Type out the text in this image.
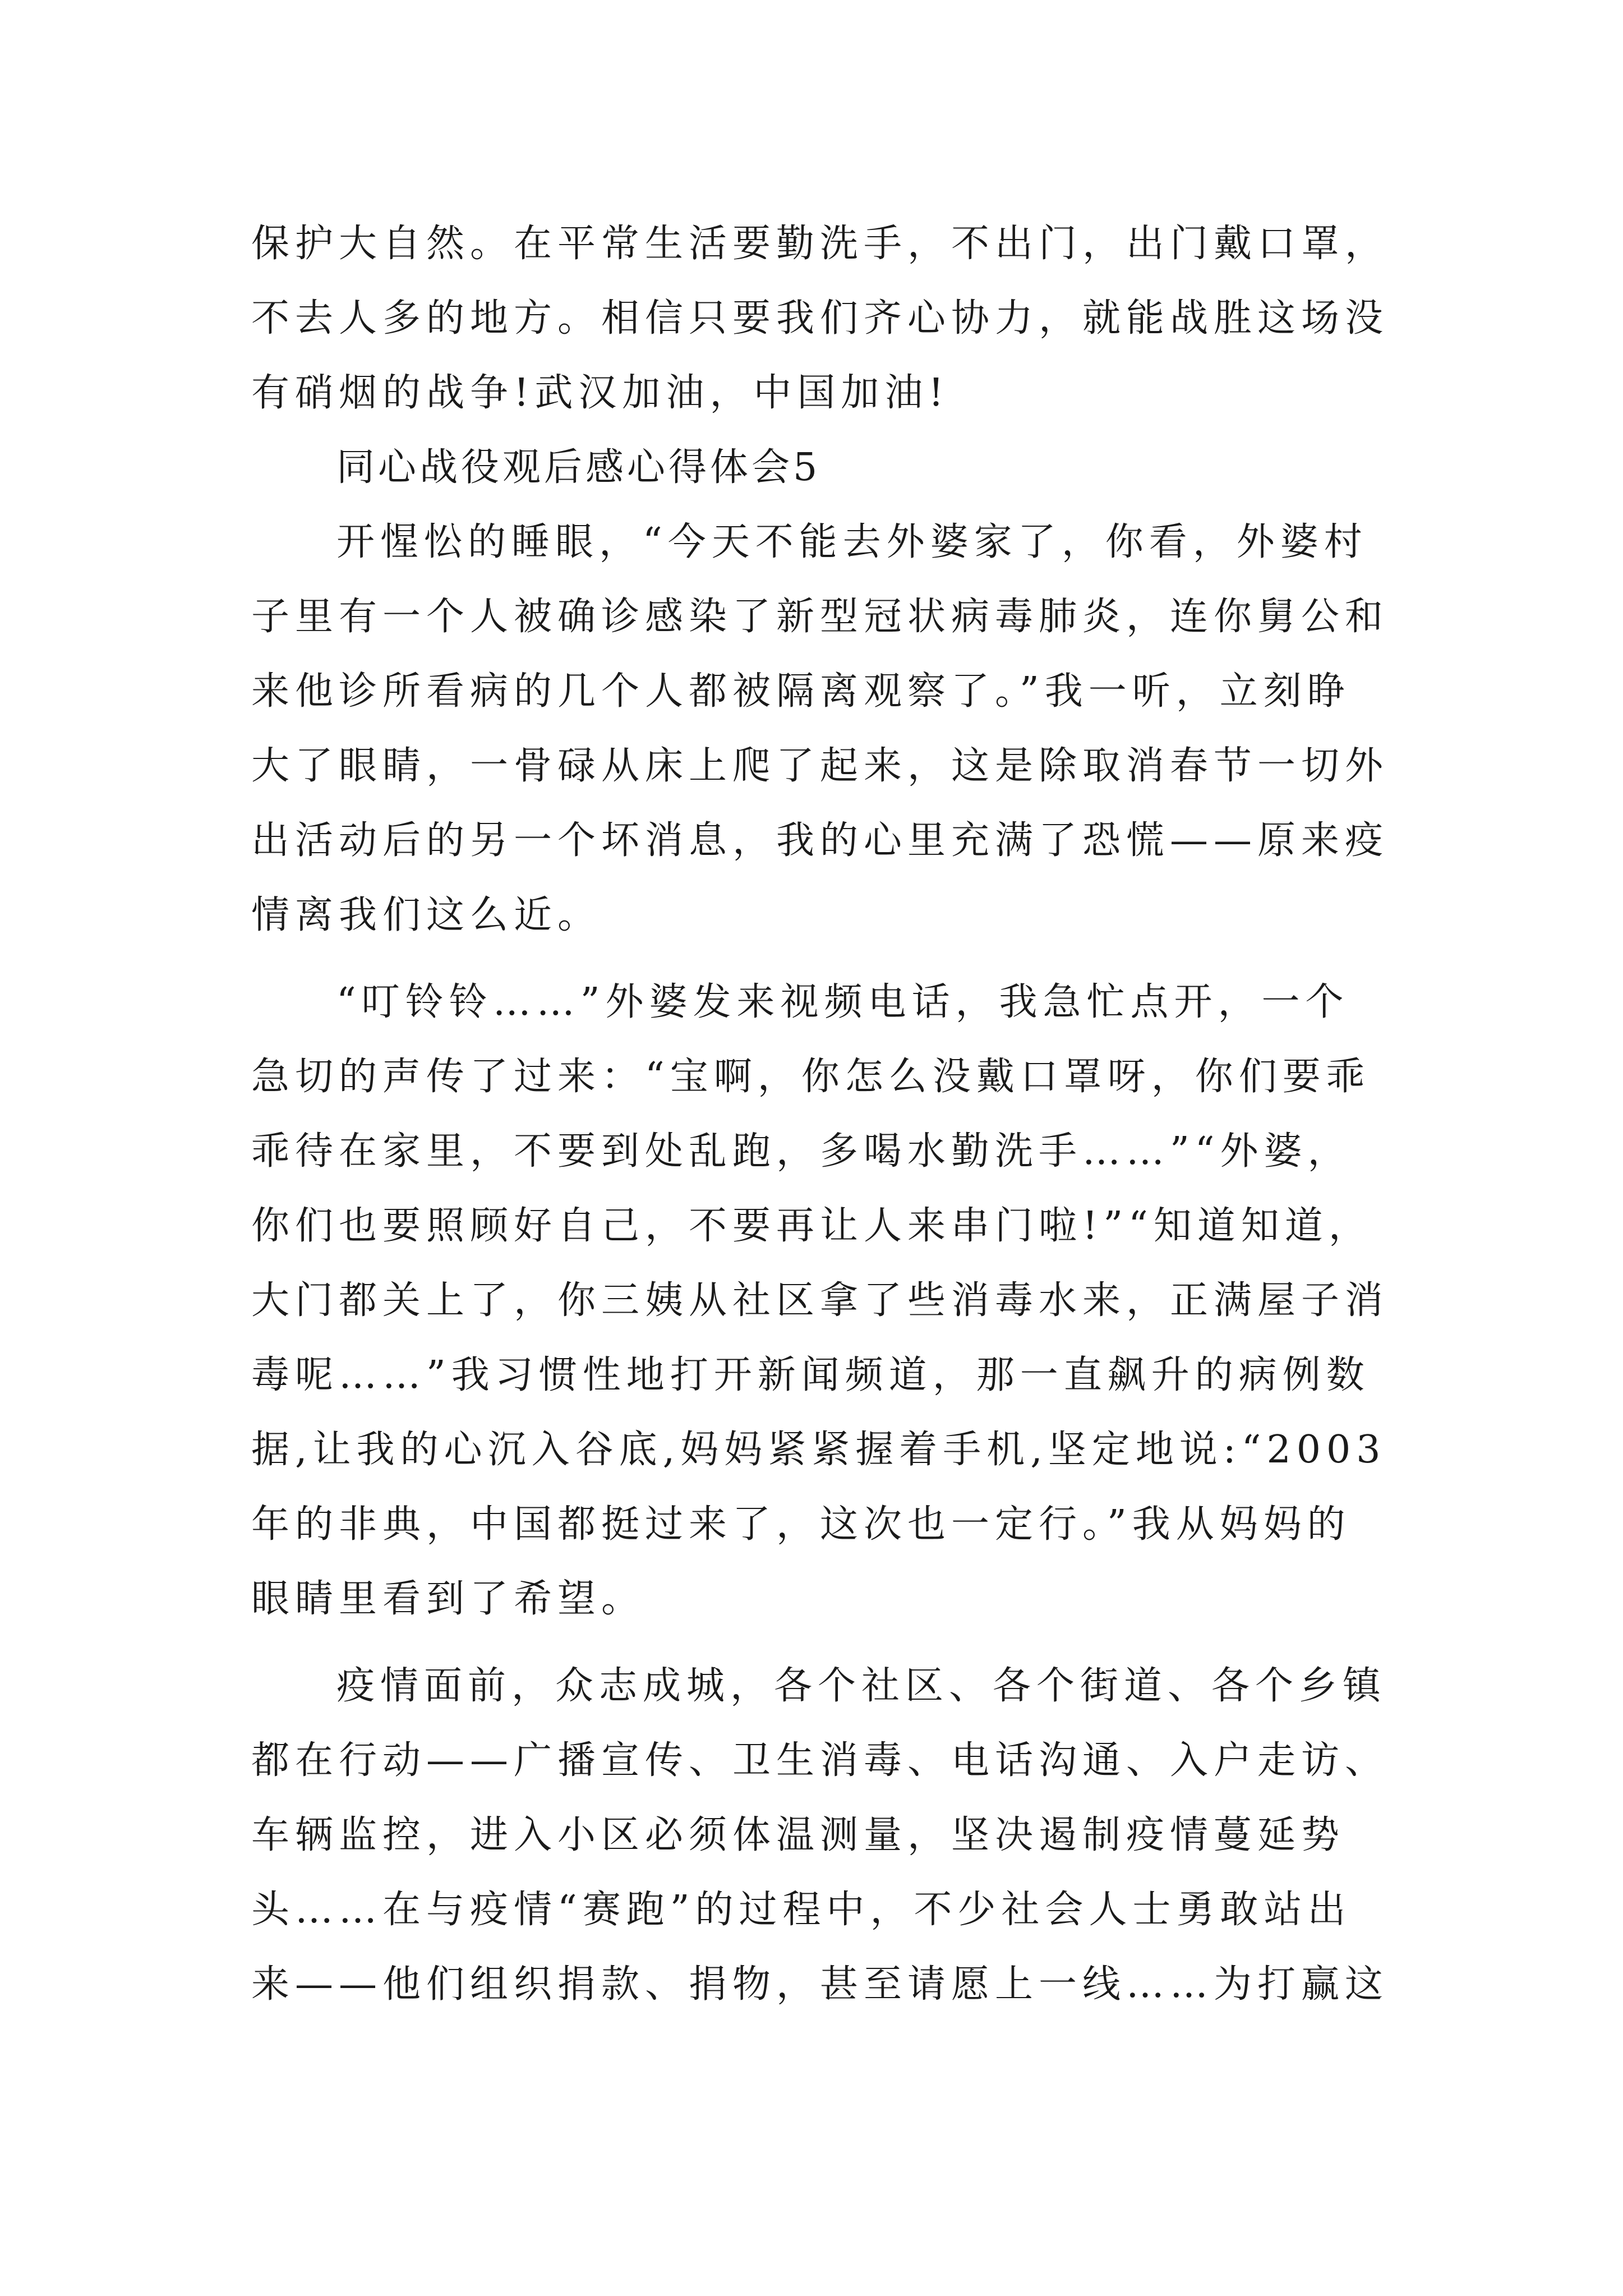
保护大自然。在平常生活要勤洗手，不出门，出门戴口罩，
不去人多的地方。相信只要我们齐心协力，就能战胜这场没
有硝烟的战争!武汉加油，中国加油!
同心战役观后感心得体会5
开惺忪的睡眼，“今天不能去外婆家了，你看，外婆村
子里有一个人被确诊感染了新型冠状病毒肺炎，连你舅公和
来他诊所看病的几个人都被隔离观察了。”我一听，立刻睁
大了眼睛，一骨碌从床上爬了起来，这是除取消春节一切外
出活动后的另一个坏消息，我的心里充满了恐慌——原来疫
情离我们这么近。
“叮铃铃……”外婆发来视频电话，我急忙点开，一个
急切的声传了过来：“宝啊，你怎么没戴口罩呀，你们要乖
乖待在家里，不要到处乱跑，多喝水勤洗手……”“外婆，
你们也要照顾好自己，不要再让人来串门啦!”“知道知道，
大门都关上了，你三姨从社区拿了些消毒水来，正满屋子消
毒呢……”我习惯性地打开新闻频道，那一直飙升的病例数
据,让我的心沉入谷底,妈妈紧紧握着手机,坚定地说:“2003
年的非典，中国都挺过来了，这次也一定行。”我从妈妈的
眼睛里看到了希望。
疫情面前，众志成城，各个社区、各个街道、各个乡镇
都在行动——广播宣传、卫生消毒、电话沟通、入户走访、
车辆监控，进入小区必须体温测量，坚决遏制疫情蔓延势
头……在与疫情“赛跑”的过程中，不少社会人士勇敢站出
来——他们组织捐款、捐物，甚至请愿上一线……为打赢这
